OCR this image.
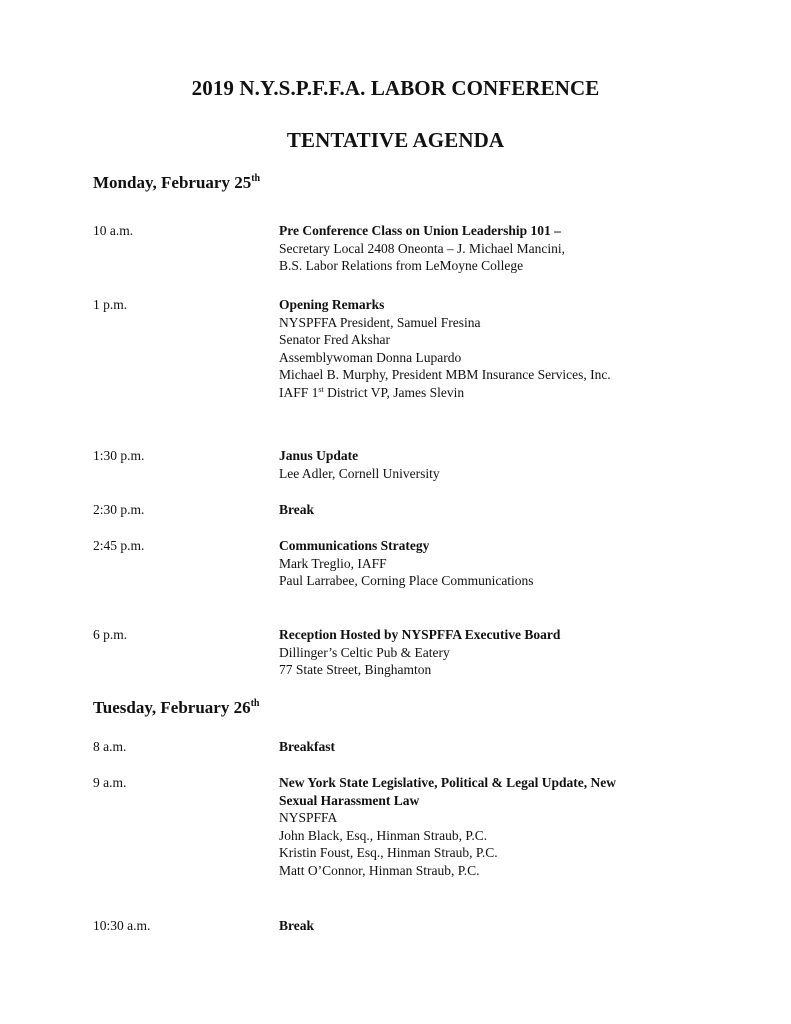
2019 N.Y.S.P.F.F.A. LABOR CONFERENCE
TENTATIVE AGENDA
Monday, February 25th
10 a.m.	Pre Conference Class on Union Leadership 101 –
Secretary Local 2408 Oneonta – J. Michael Mancini,
B.S. Labor Relations from LeMoyne College
1 p.m.	Opening Remarks
NYSPFFA President, Samuel Fresina
Senator Fred Akshar
Assemblywoman Donna Lupardo
Michael B. Murphy, President MBM Insurance Services, Inc.
IAFF 1st District VP, James Slevin
1:30 p.m.	Janus Update
Lee Adler, Cornell University
2:30 p.m.	Break
2:45 p.m.	Communications Strategy
Mark Treglio, IAFF
Paul Larrabee, Corning Place Communications
6 p.m.	Reception Hosted by NYSPFFA Executive Board
Dillinger’s Celtic Pub & Eatery
77 State Street, Binghamton
Tuesday, February 26th
8 a.m.	Breakfast
9 a.m.	New York State Legislative, Political & Legal Update, New
Sexual Harassment Law
NYSPFFA
John Black, Esq., Hinman Straub, P.C.
Kristin Foust, Esq., Hinman Straub, P.C.
Matt O’Connor, Hinman Straub, P.C.
10:30 a.m.	Break
